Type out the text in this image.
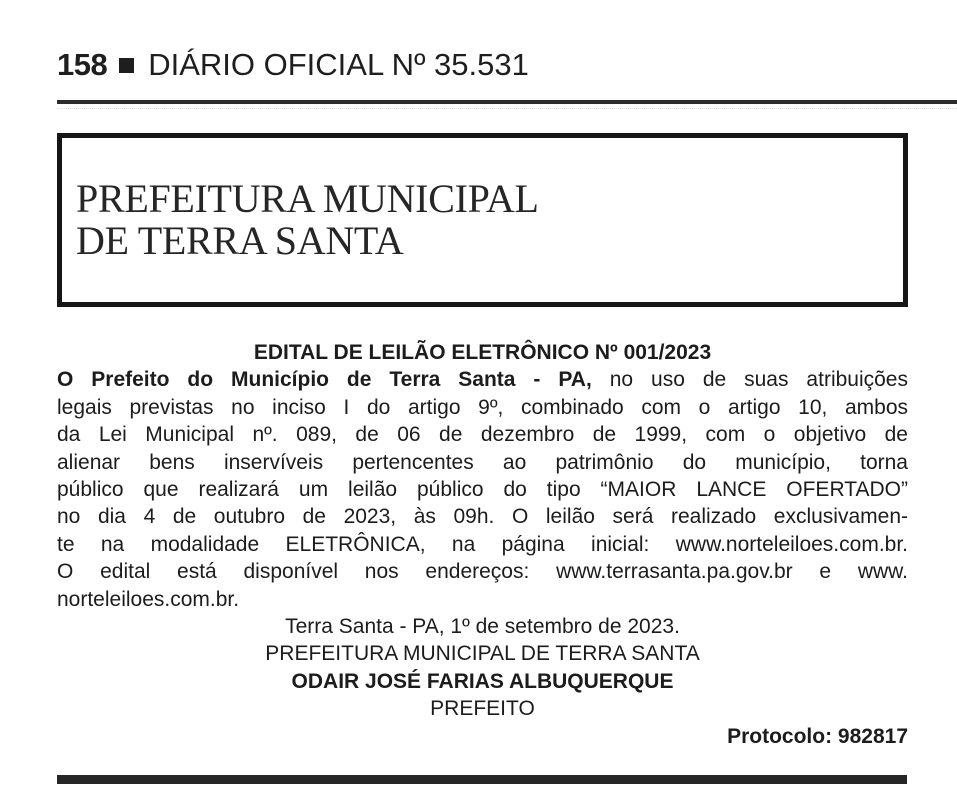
158 DIÁRIO OFICIAL Nº 35.531
PREFEITURA MUNICIPAL
DE TERRA SANTA
EDITAL DE LEILÃO ELETRÔNICO Nº 001/2023
O Prefeito do Município de Terra Santa - PA, no uso de suas atribuições
legais previstas no inciso I do artigo 9º, combinado com o artigo 10, ambos
da Lei Municipal nº. 089, de 06 de dezembro de 1999, com o objetivo de
alienar bens inservíveis pertencentes ao patrimônio do município, torna
público que realizará um leilão público do tipo “MAIOR LANCE OFERTADO”
no dia 4 de outubro de 2023, às 09h. O leilão será realizado exclusivamen-
te na modalidade ELETRÔNICA, na página inicial: www.norteleiloes.com.br.
O edital está disponível nos endereços: www.terrasanta.pa.gov.br e www.
norteleiloes.com.br.
Terra Santa - PA, 1º de setembro de 2023.
PREFEITURA MUNICIPAL DE TERRA SANTA
ODAIR JOSÉ FARIAS ALBUQUERQUE
PREFEITO
Protocolo: 982817
